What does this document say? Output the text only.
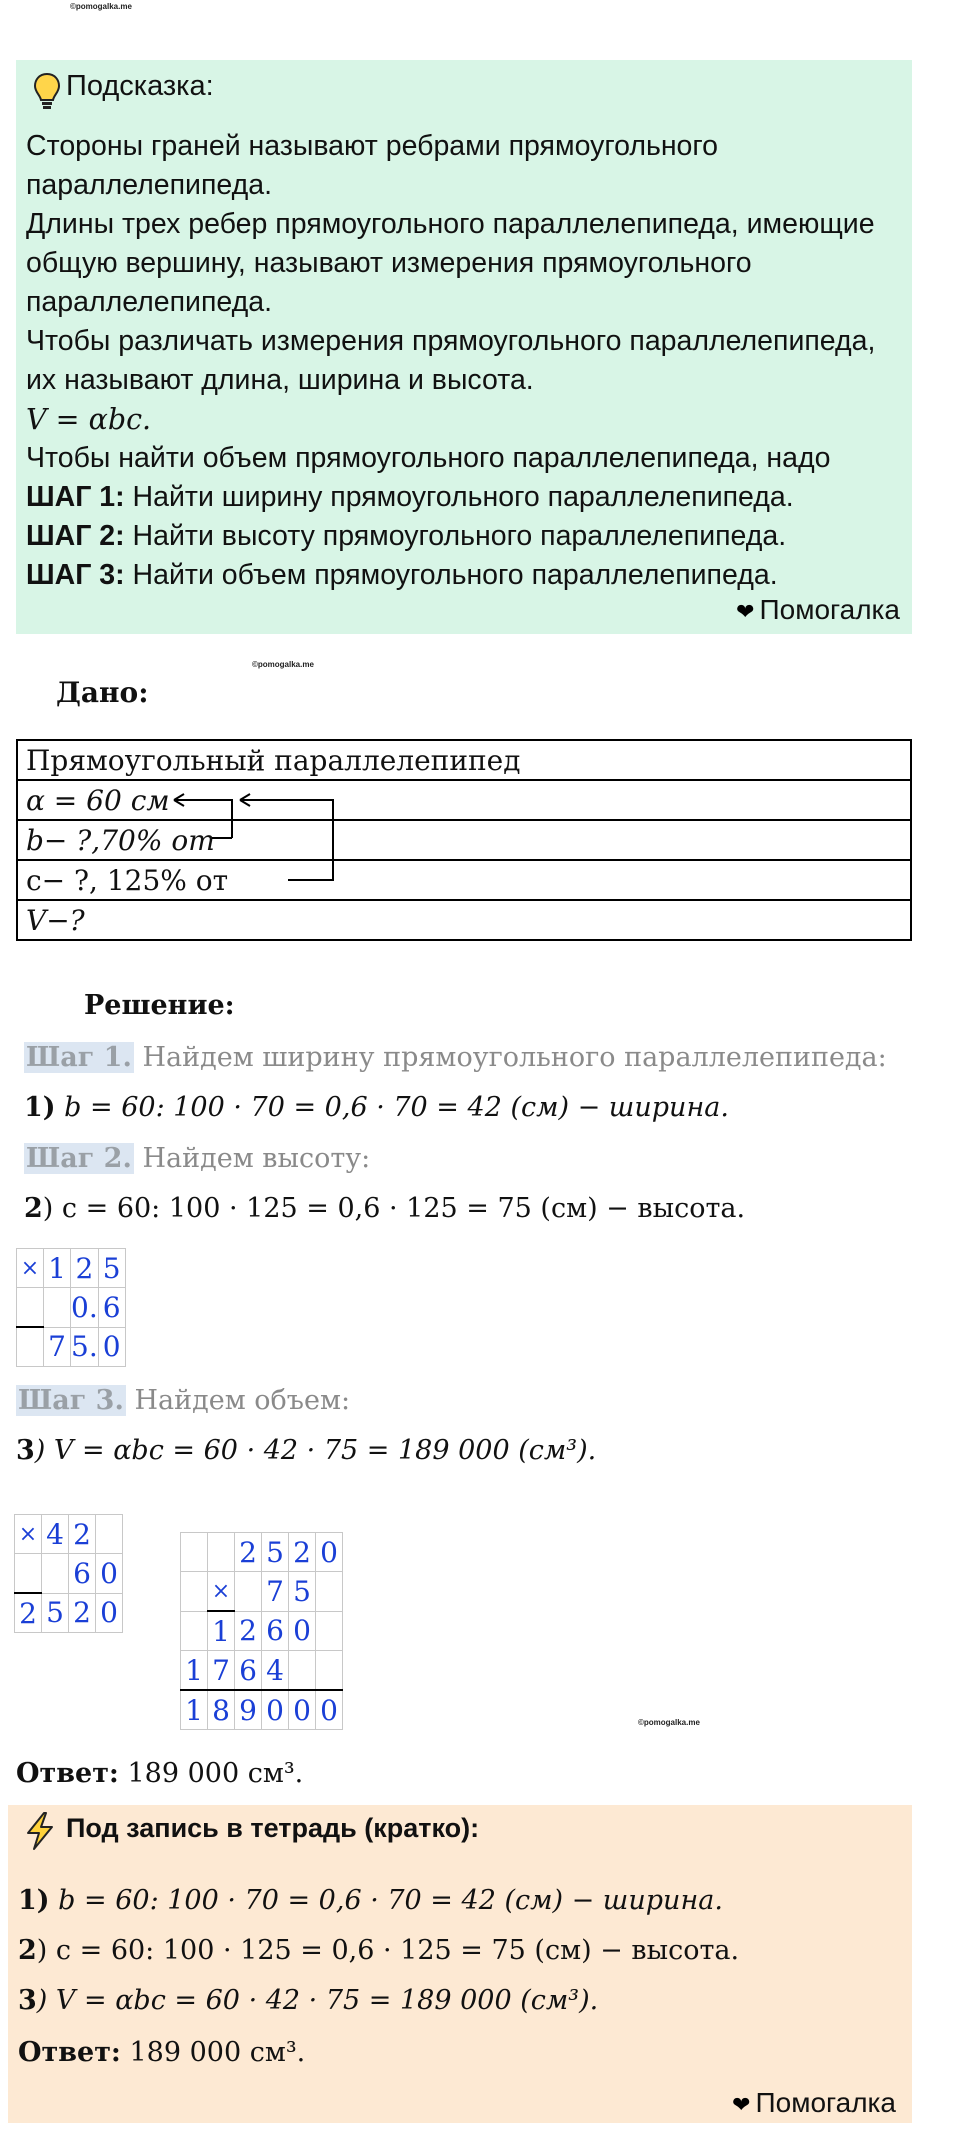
©pomogalka.me
©pomogalka.me
©pomogalka.me
Подсказка:
Стороны граней называют ребрами прямоугольного
параллелепипеда.
Длины трех ребер прямоугольного параллелепипеда, имеющие
общую вершину, называют измерения прямоугольного
параллелепипеда.
Чтобы различать измерения прямоугольного параллелепипеда,
их называют длина, ширина и высота.
V = αbc.
Чтобы найти объем прямоугольного параллелепипеда, надо
ШАГ 1: Найти ширину прямоугольного параллелепипеда.
ШАГ 2: Найти высоту прямоугольного параллелепипеда.
ШАГ 3: Найти объем прямоугольного параллелепипеда.
❤ Помогалка
Дано:
Прямоугольный параллелепипед
α = 60 см
b− ?,70% от
с− ?, 125% от
V−?
Решение:
Шаг 1. Найдем ширину прямоугольного параллелепипеда:
1) b = 60: 100 · 70 = 0,6 · 70 = 42 (см) − ширина.
Шаг 2. Найдем высоту:
2) с = 60: 100 · 125 = 0,6 · 125 = 75 (см) − высота.
×	1	2	5
		0.	6
	7	5.	0
Шаг 3. Найдем объем:
3) V = αbc = 60 · 42 · 75 = 189 000 (см³).
×	4	2	
		6	0
2	5	2	0
		2	5	2	0
	×		7	5	
	1	2	6	0	
1	7	6	4		
1	8	9	0	0	0
Ответ: 189 000 см³.
Под запись в тетрадь (кратко):
1) b = 60: 100 · 70 = 0,6 · 70 = 42 (см) − ширина.
2) с = 60: 100 · 125 = 0,6 · 125 = 75 (см) − высота.
3) V = αbc = 60 · 42 · 75 = 189 000 (см³).
Ответ: 189 000 см³.
❤ Помогалка
